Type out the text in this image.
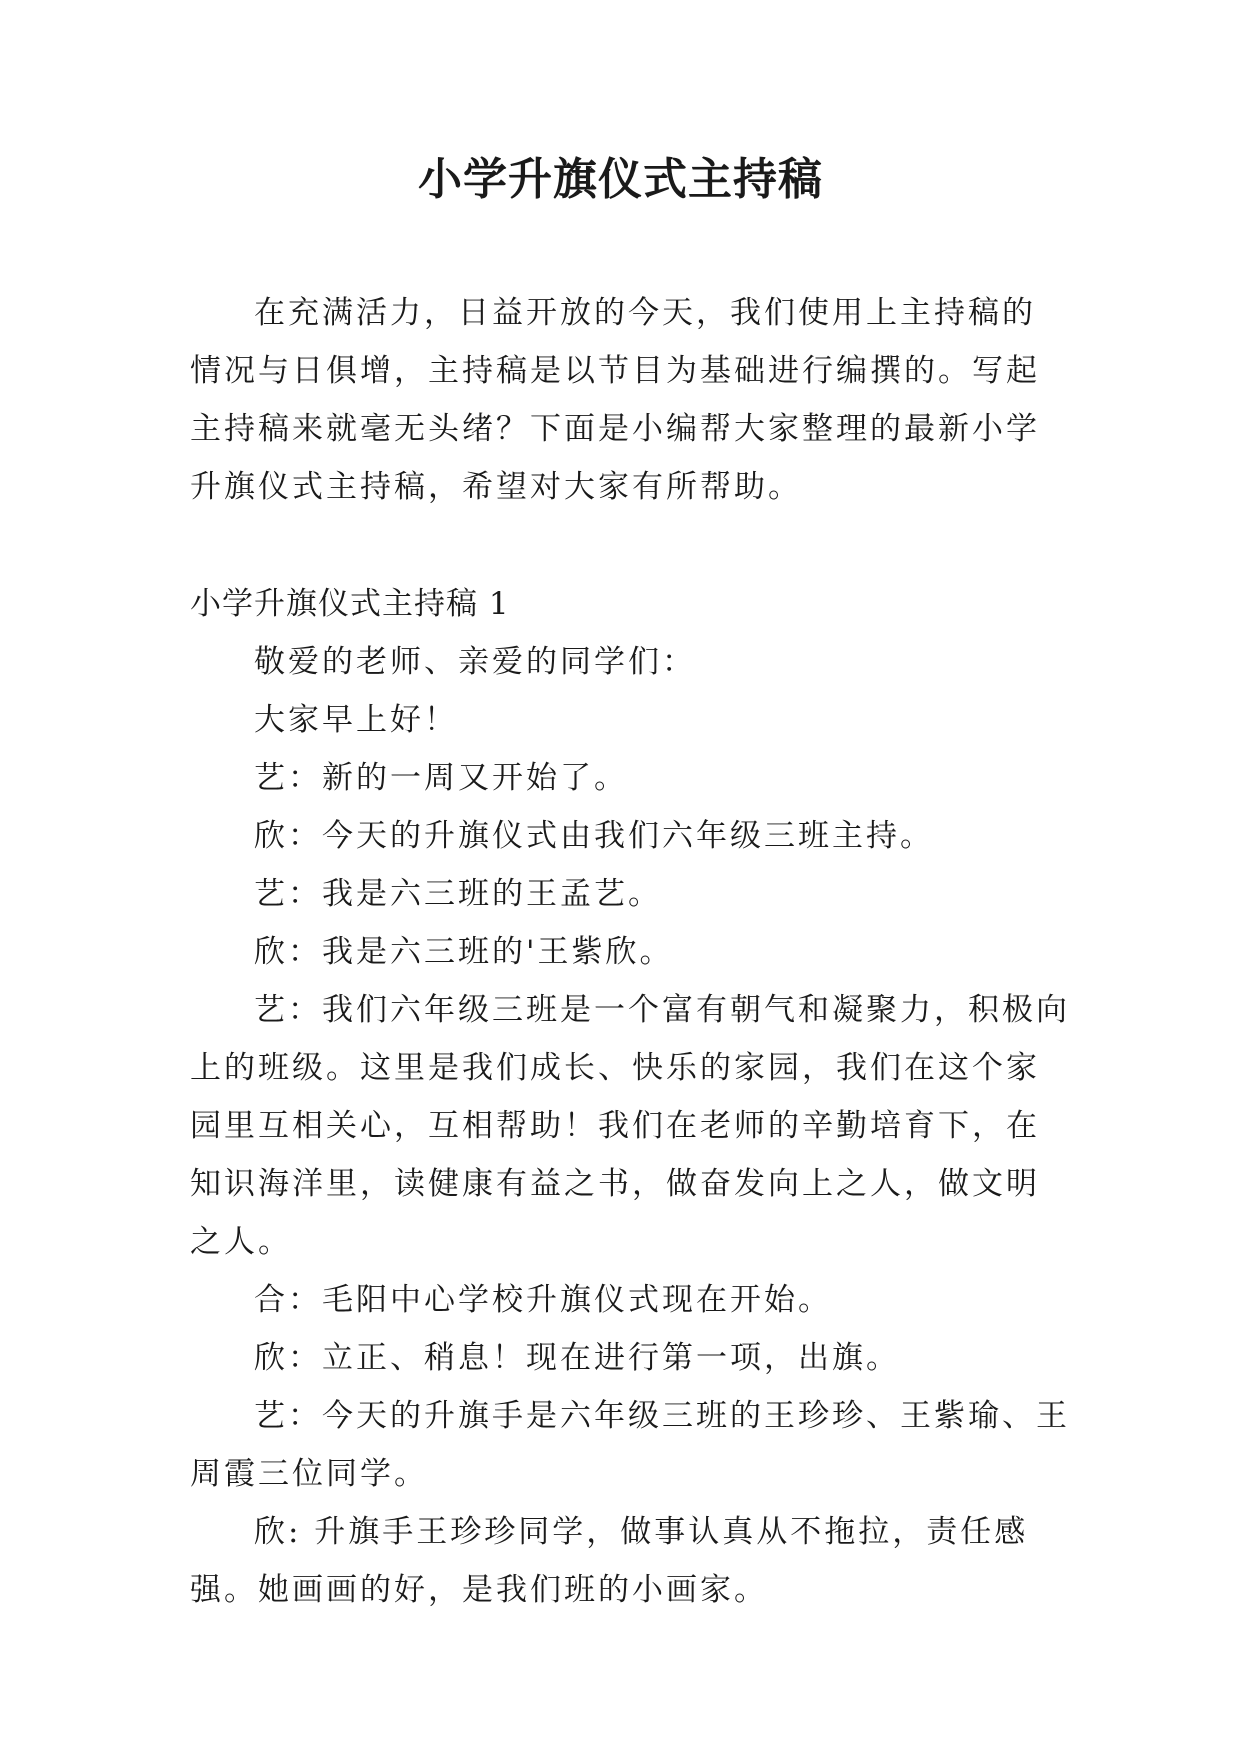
小学升旗仪式主持稿

在充满活力，日益开放的今天，我们使用上主持稿的情况与日俱增，主持稿是以节目为基础进行编撰的。写起主持稿来就毫无头绪？下面是小编帮大家整理的最新小学升旗仪式主持稿，希望对大家有所帮助。

小学升旗仪式主持稿 1

敬爱的老师、亲爱的同学们：

大家早上好！

艺：新的一周又开始了。

欣：今天的升旗仪式由我们六年级三班主持。

艺：我是六三班的王孟艺。

欣：我是六三班的'王紫欣。

艺：我们六年级三班是一个富有朝气和凝聚力，积极向上的班级。这里是我们成长、快乐的家园，我们在这个家园里互相关心，互相帮助！我们在老师的辛勤培育下，在知识海洋里，读健康有益之书，做奋发向上之人，做文明之人。

合：毛阳中心学校升旗仪式现在开始。

欣：立正、稍息！现在进行第一项，出旗。

艺：今天的升旗手是六年级三班的王珍珍、王紫瑜、王周霞三位同学。

欣: 升旗手王珍珍同学，做事认真从不拖拉，责任感强。她画画的好，是我们班的小画家。
